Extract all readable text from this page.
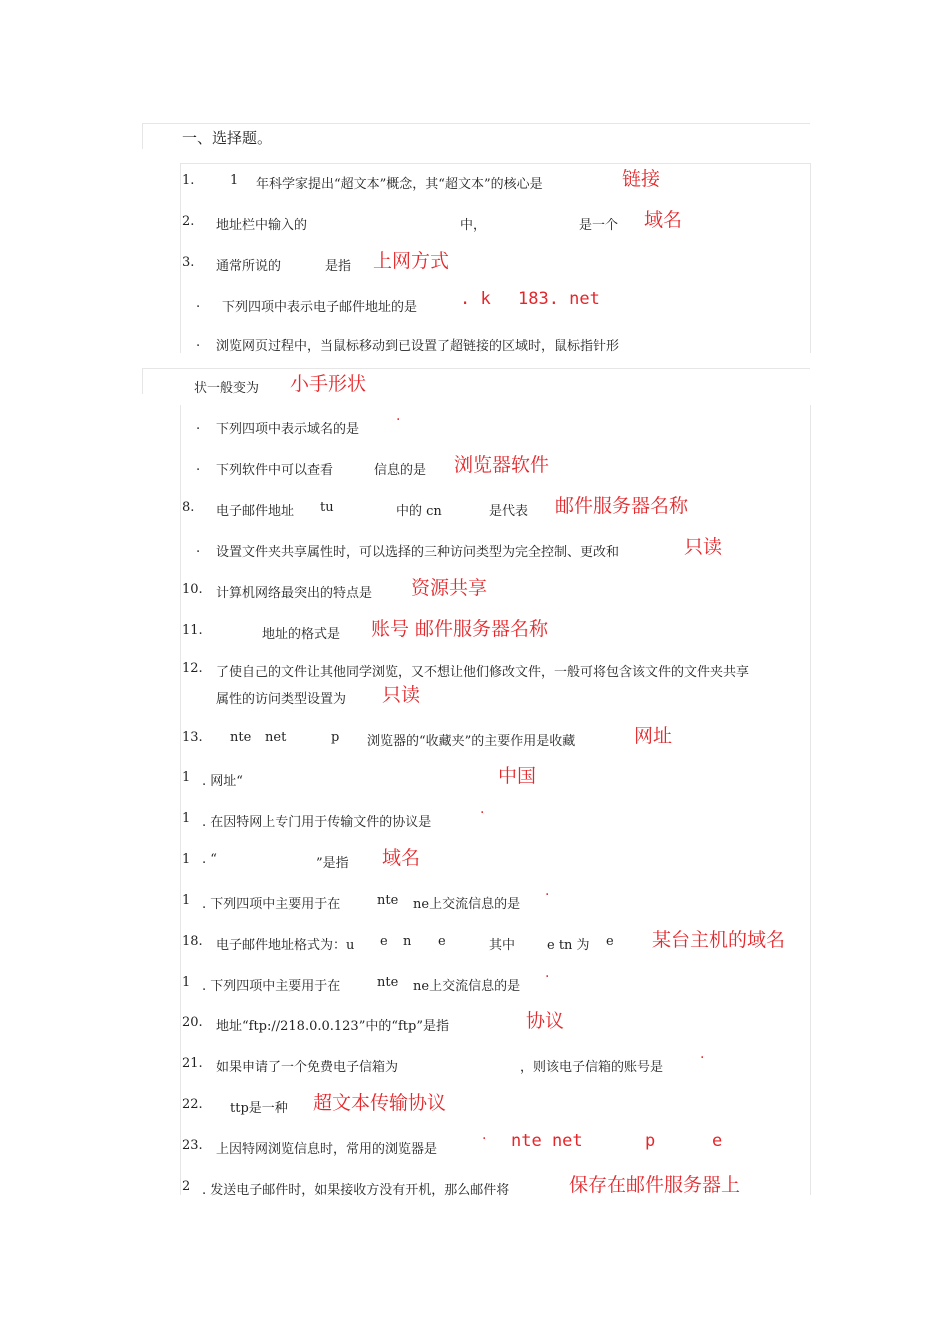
一、选择题。
1.	1 年科学家提出“超文本”概念，其“超文本”的核心是	链接
2. 地址栏中输入的	中，	是一个 域名
3. 通常所说的	是指 上网方式
. 下列四项中表示电子邮件地址的是	. k 183. net
. 浏览网页过程中，当鼠标移动到已设置了超链接的区域时，鼠标指针形
状一般变为 小手形状
. 下列四项中表示域名的是
·
. 下列软件中可以查看	信息的是 浏览器软件
8. 电子邮件地址 tu	中的 cn	是代表 邮件服务器名称
. 设置文件夹共享属性时，可以选择的三种访问类型为完全控制、更改和	只读
10. 计算机网络最突出的特点是 资源共享
11.	地址的格式是 账号 邮件服务器名称
12. 了使自己的文件让其他同学浏览，又不想让他们修改文件，一般可将包含该文件的文件夹共享
属性的访问类型设置为 只读
13. nte net	p 浏览器的“收藏夹”的主要作用是收藏	网址
1 . 网址“	中国
1 . 在因特网上专门用于传输文件的协议是
·
1 . “	”是指 域名
1 . 下列四项中主要用于在	nte ne上交流信息的是
·
18. 电子邮件地址格式为：u e n e	其中 e tn 为 e 某台主机的域名
1 . 下列四项中主要用于在	nte ne上交流信息的是
·
20. 地址“ftp://218.0.0.123”中的“ftp”是指	协议
21. 如果申请了一个免费电子信箱为	，则该电子信箱的账号是
·
22. ttp是一种 超文本传输协议
23. 上因特网浏览信息时，常用的浏览器是
· nte net	p	e
2 . 发送电子邮件时，如果接收方没有开机，那么邮件将	保存在邮件服务器上
